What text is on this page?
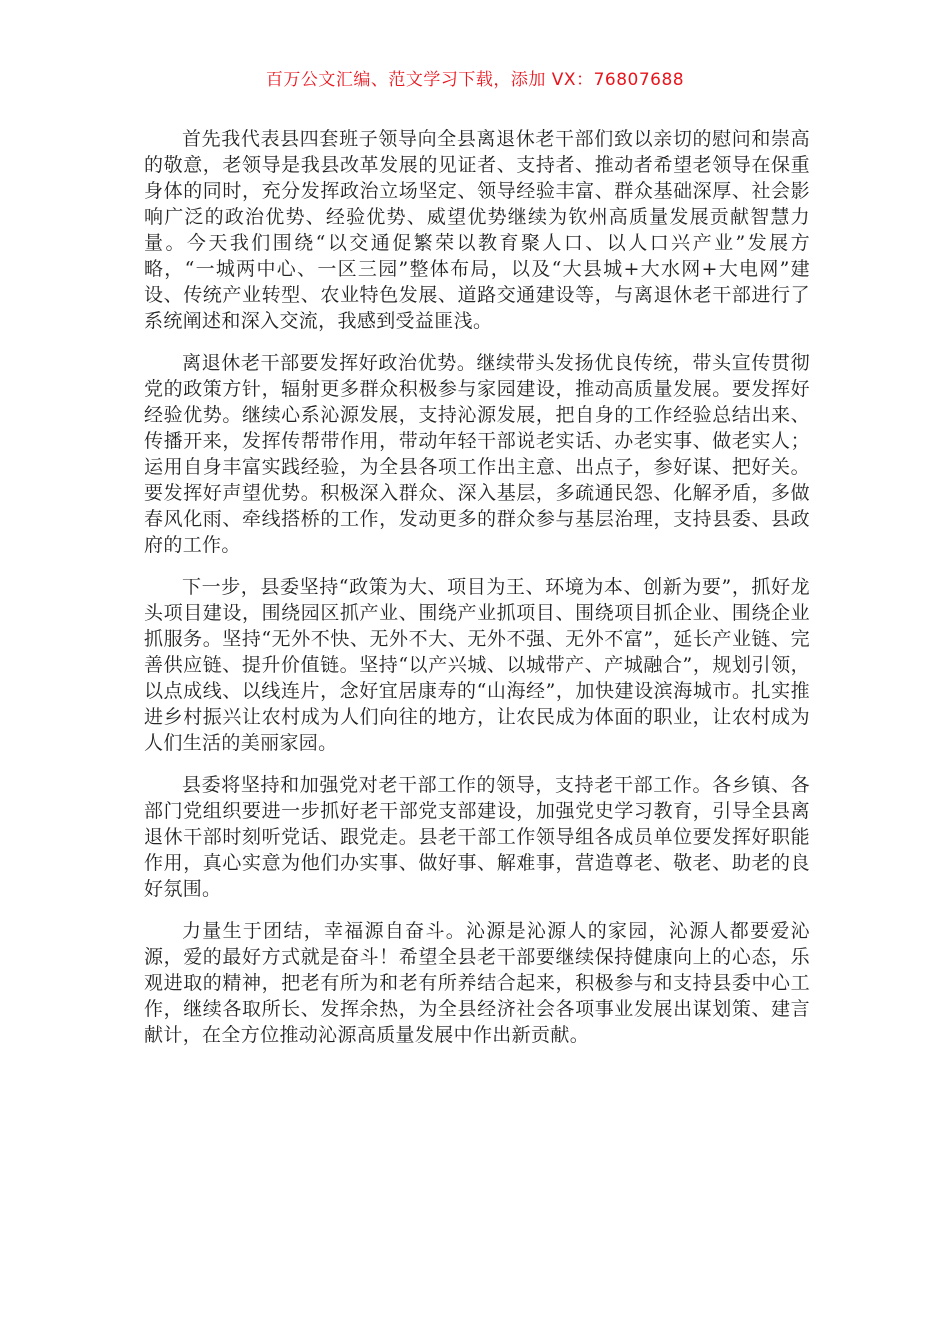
百万公文汇编、范文学习下载，添加 VX：76807688

首先我代表县四套班子领导向全县离退休老干部们致以亲切的慰问和崇高的敬意，老领导是我县改革发展的见证者、支持者、推动者希望老领导在保重身体的同时，充分发挥政治立场坚定、领导经验丰富、群众基础深厚、社会影响广泛的政治优势、经验优势、威望优势继续为钦州高质量发展贡献智慧力量。今天我们围绕“以交通促繁荣以教育聚人口、以人口兴产业”发展方略，“一城两中心、一区三园”整体布局，以及“大县城+大水网+大电网”建设、传统产业转型、农业特色发展、道路交通建设等，与离退休老干部进行了系统阐述和深入交流，我感到受益匪浅。

离退休老干部要发挥好政治优势。继续带头发扬优良传统，带头宣传贯彻党的政策方针，辐射更多群众积极参与家园建设，推动高质量发展。要发挥好经验优势。继续心系沁源发展，支持沁源发展，把自身的工作经验总结出来、传播开来，发挥传帮带作用，带动年轻干部说老实话、办老实事、做老实人；运用自身丰富实践经验，为全县各项工作出主意、出点子，参好谋、把好关。要发挥好声望优势。积极深入群众、深入基层，多疏通民怨、化解矛盾，多做春风化雨、牵线搭桥的工作，发动更多的群众参与基层治理，支持县委、县政府的工作。

下一步，县委坚持“政策为大、项目为王、环境为本、创新为要”，抓好龙头项目建设，围绕园区抓产业、围绕产业抓项目、围绕项目抓企业、围绕企业抓服务。坚持“无外不快、无外不大、无外不强、无外不富”，延长产业链、完善供应链、提升价值链。坚持“以产兴城、以城带产、产城融合”，规划引领，以点成线、以线连片，念好宜居康寿的“山海经”，加快建设滨海城市。扎实推进乡村振兴让农村成为人们向往的地方，让农民成为体面的职业，让农村成为人们生活的美丽家园。

县委将坚持和加强党对老干部工作的领导，支持老干部工作。各乡镇、各部门党组织要进一步抓好老干部党支部建设，加强党史学习教育，引导全县离退休干部时刻听党话、跟党走。县老干部工作领导组各成员单位要发挥好职能作用，真心实意为他们办实事、做好事、解难事，营造尊老、敬老、助老的良好氛围。

力量生于团结，幸福源自奋斗。沁源是沁源人的家园，沁源人都要爱沁源，爱的最好方式就是奋斗！希望全县老干部要继续保持健康向上的心态，乐观进取的精神，把老有所为和老有所养结合起来，积极参与和支持县委中心工作，继续各取所长、发挥余热，为全县经济社会各项事业发展出谋划策、建言献计，在全方位推动沁源高质量发展中作出新贡献。
